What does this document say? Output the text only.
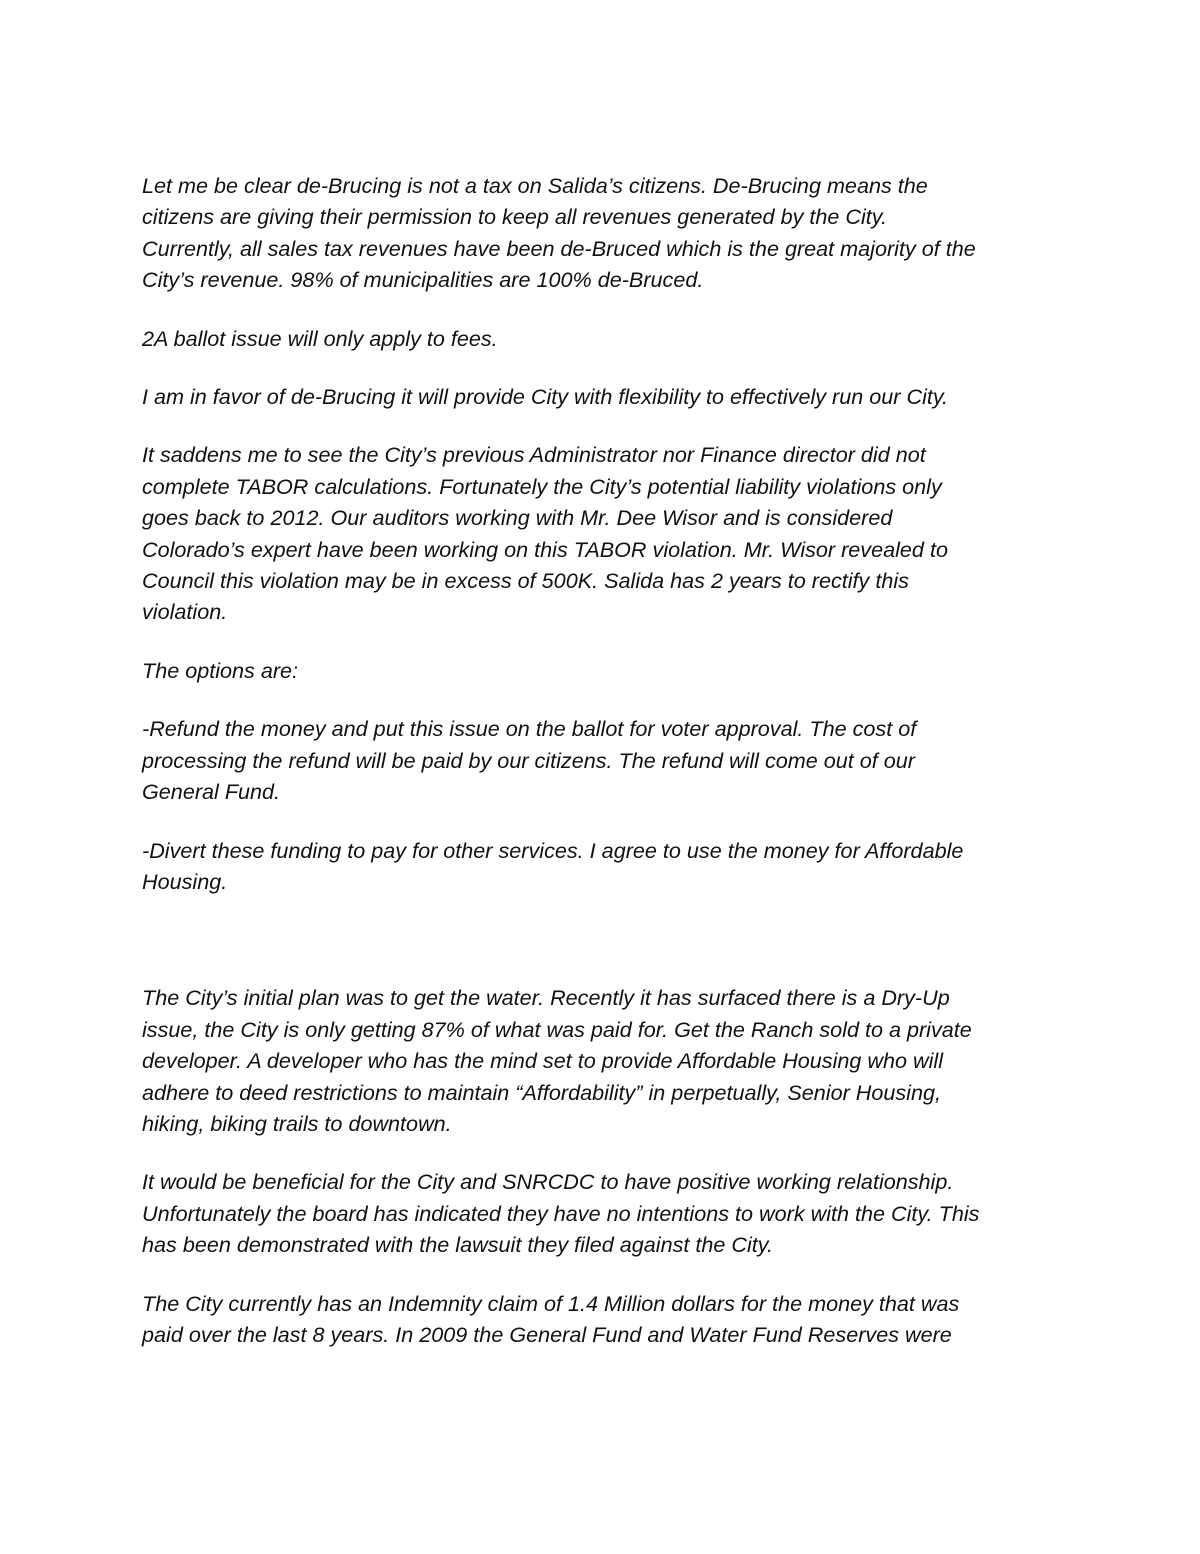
Let me be clear de-Brucing is not a tax on Salida’s citizens. De-Brucing means the
citizens are giving their permission to keep all revenues generated by the City.
Currently, all sales tax revenues have been de-Bruced which is the great majority of the
City’s revenue. 98% of municipalities are 100% de-Bruced.

2A ballot issue will only apply to fees.

I am in favor of de-Brucing it will provide City with flexibility to effectively run our City.

It saddens me to see the City’s previous Administrator nor Finance director did not
complete TABOR calculations. Fortunately the City’s potential liability violations only
goes back to 2012. Our auditors working with Mr. Dee Wisor and is considered
Colorado’s expert have been working on this TABOR violation. Mr. Wisor revealed to
Council this violation may be in excess of 500K. Salida has 2 years to rectify this
violation.

The options are:

-Refund the money and put this issue on the ballot for voter approval. The cost of
processing the refund will be paid by our citizens. The refund will come out of our
General Fund.

-Divert these funding to pay for other services. I agree to use the money for Affordable
Housing.

The City’s initial plan was to get the water. Recently it has surfaced there is a Dry-Up
issue, the City is only getting 87% of what was paid for. Get the Ranch sold to a private
developer. A developer who has the mind set to provide Affordable Housing who will
adhere to deed restrictions to maintain “Affordability” in perpetually, Senior Housing,
hiking, biking trails to downtown.

It would be beneficial for the City and SNRCDC to have positive working relationship.
Unfortunately the board has indicated they have no intentions to work with the City. This
has been demonstrated with the lawsuit they filed against the City.

The City currently has an Indemnity claim of 1.4 Million dollars for the money that was
paid over the last 8 years. In 2009 the General Fund and Water Fund Reserves were
